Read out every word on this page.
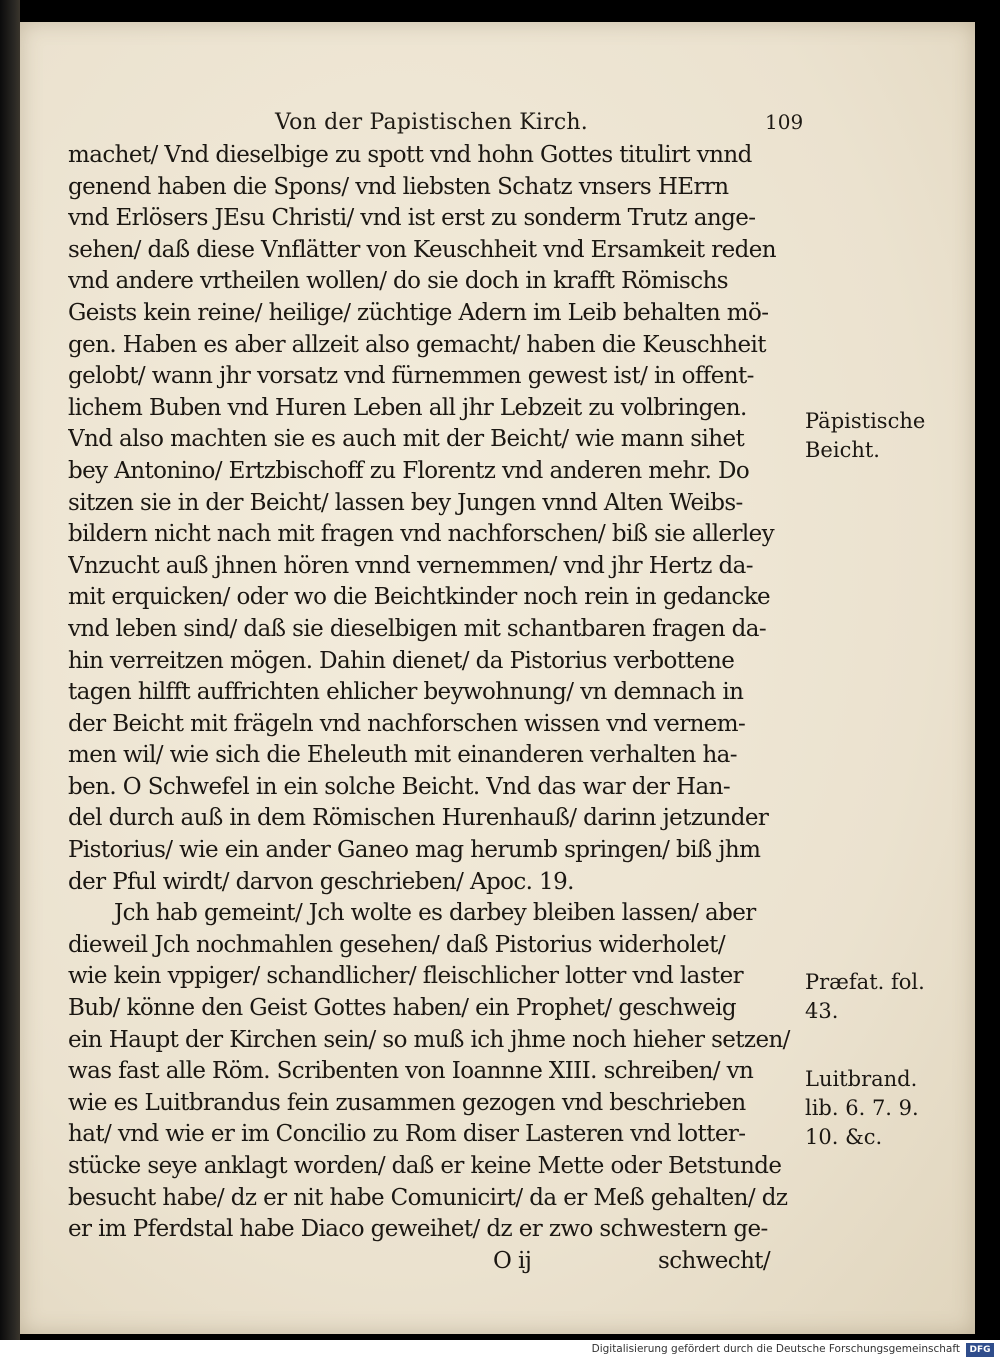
Von der Papistischen Kirch.	109
machet/ Vnd dieselbige zu spott vnd hohn Gottes titulirt vnnd
genend haben die Spons/ vnd liebsten Schatz vnsers HErrn
vnd Erlösers JEsu Christi/ vnd ist erst zu sonderm Trutz ange-
sehen/ daß diese Vnflätter von Keuschheit vnd Ersamkeit reden
vnd andere vrtheilen wollen/ do sie doch in krafft Römischs
Geists kein reine/ heilige/ züchtige Adern im Leib behalten mö-
gen. Haben es aber allzeit also gemacht/ haben die Keuschheit
gelobt/ wann jhr vorsatz vnd fürnemmen gewest ist/ in offent-
lichem Buben vnd Huren Leben all jhr Lebzeit zu volbringen.
Vnd also machten sie es auch mit der Beicht/ wie mann sihet
bey Antonino/ Ertzbischoff zu Florentz vnd anderen mehr. Do
sitzen sie in der Beicht/ lassen bey Jungen vnnd Alten Weibs-
bildern nicht nach mit fragen vnd nachforschen/ biß sie allerley
Vnzucht auß jhnen hören vnnd vernemmen/ vnd jhr Hertz da-
mit erquicken/ oder wo die Beichtkinder noch rein in gedancke
vnd leben sind/ daß sie dieselbigen mit schantbaren fragen da-
hin verreitzen mögen. Dahin dienet/ da Pistorius verbottene
tagen hilfft auffrichten ehlicher beywohnung/ vn demnach in
der Beicht mit frägeln vnd nachforschen wissen vnd vernem-
men wil/ wie sich die Eheleuth mit einanderen verhalten ha-
ben. O Schwefel in ein solche Beicht. Vnd das war der Han-
del durch auß in dem Römischen Hurenhauß/ darinn jetzunder
Pistorius/ wie ein ander Ganeo mag herumb springen/ biß jhm
der Pful wirdt/ darvon geschrieben/ Apoc. 19.
Jch hab gemeint/ Jch wolte es darbey bleiben lassen/ aber
dieweil Jch nochmahlen gesehen/ daß Pistorius widerholet/
wie kein vppiger/ schandlicher/ fleischlicher lotter vnd laster
Bub/ könne den Geist Gottes haben/ ein Prophet/ geschweig
ein Haupt der Kirchen sein/ so muß ich jhme noch hieher setzen/
was fast alle Röm. Scribenten von Ioannne XIII. schreiben/ vn
wie es Luitbrandus fein zusammen gezogen vnd beschrieben
hat/ vnd wie er im Concilio zu Rom diser Lasteren vnd lotter-
stücke seye anklagt worden/ daß er keine Mette oder Betstunde
besucht habe/ dz er nit habe Comunicirt/ da er Meß gehalten/ dz
er im Pferdstal habe Diaco geweihet/ dz er zwo schwestern ge-
O ij	schwecht/
Päpistische
Beicht.
Præfat. fol.
43.
Luitbrand.
lib. 6. 7. 9.
10. &c.
Digitalisierung gefördert durch die Deutsche Forschungsgemeinschaft	DFG
